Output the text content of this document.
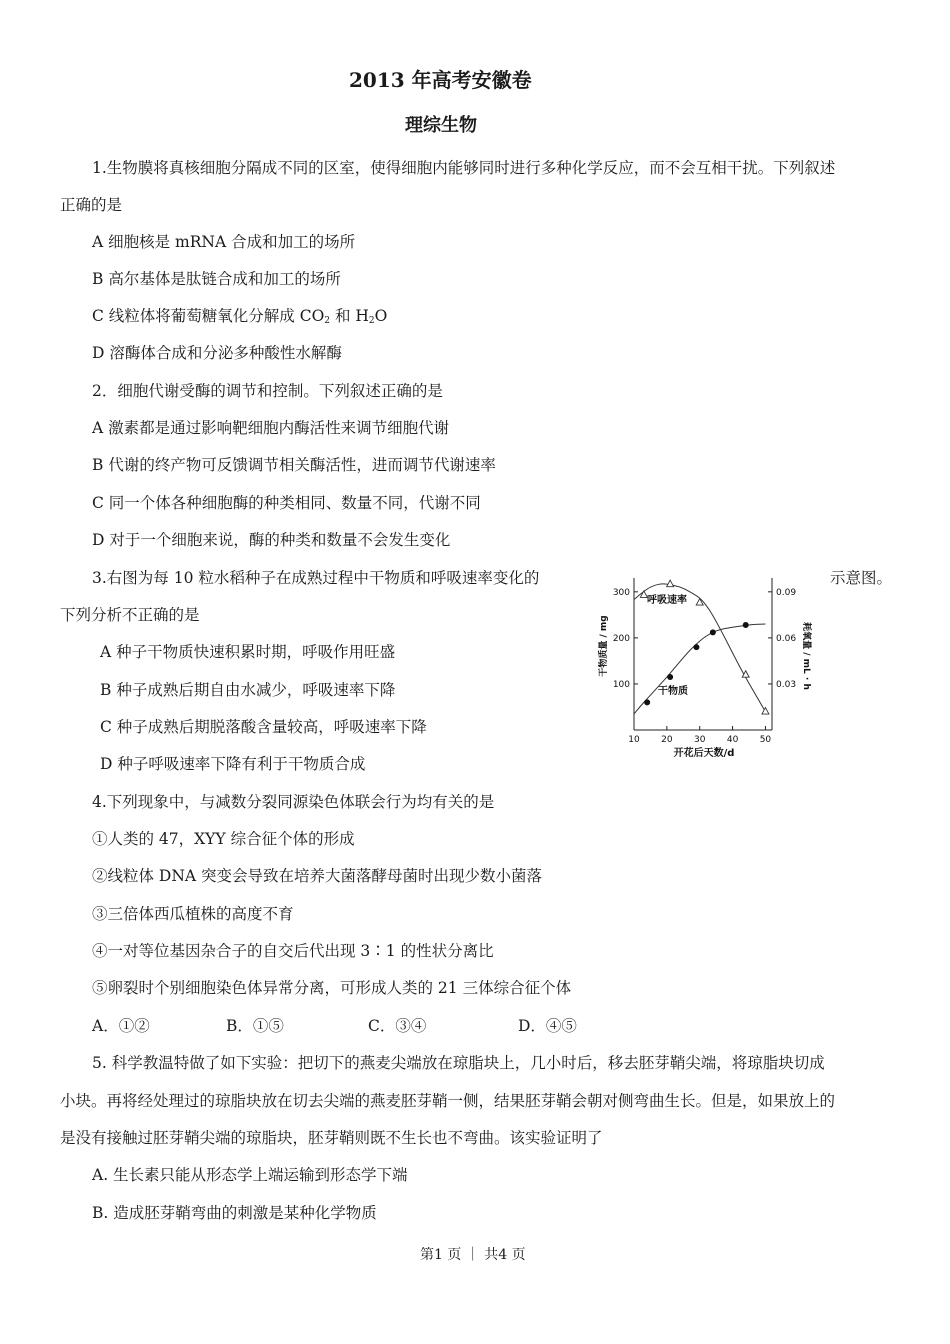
2013 年高考安徽卷
理综生物
1.生物膜将真核细胞分隔成不同的区室，使得细胞内能够同时进行多种化学反应，而不会互相干扰。下列叙述
正确的是
A 细胞核是 mRNA 合成和加工的场所
B 高尔基体是肽链合成和加工的场所
C 线粒体将葡萄糖氧化分解成 $CO_2$ 和 $H_2O$
D 溶酶体合成和分泌多种酸性水解酶
2．细胞代谢受酶的调节和控制。下列叙述正确的是
A 激素都是通过影响靶细胞内酶活性来调节细胞代谢
B 代谢的终产物可反馈调节相关酶活性，进而调节代谢速率
C 同一个体各种细胞酶的种类相同、数量不同，代谢不同
D 对于一个细胞来说，酶的种类和数量不会发生变化
3.右图为每 10 粒水稻种子在成熟过程中干物质和呼吸速率变化的	示意图。
下列分析不正确的是
A 种子干物质快速积累时期，呼吸作用旺盛
B 种子成熟后期自由水减少，呼吸速率下降
C 种子成熟后期脱落酸含量较高，呼吸速率下降
D 种子呼吸速率下降有利于干物质合成
10 20 30 40 50
100
200
300
0.03
0.06
0.09
呼吸速率
干物质
开花后天数/d
干物质量 / mg	耗氧量 / mL · h
4.下列现象中，与减数分裂同源染色体联会行为均有关的是
①人类的 47，XYY 综合征个体的形成
②线粒体 DNA 突变会导致在培养大菌落酵母菌时出现少数小菌落
③三倍体西瓜植株的高度不育
④一对等位基因杂合子的自交后代出现 3∶1 的性状分离比
⑤卵裂时个别细胞染色体异常分离，可形成人类的 21 三体综合征个体
A．①②	B．①⑤	C．③④	D．④⑤
5. 科学教温特做了如下实验：把切下的燕麦尖端放在琼脂块上，几小时后，移去胚芽鞘尖端，将琼脂块切成
小块。再将经处理过的琼脂块放在切去尖端的燕麦胚芽鞘一侧，结果胚芽鞘会朝对侧弯曲生长。但是，如果放上的
是没有接触过胚芽鞘尖端的琼脂块，胚芽鞘则既不生长也不弯曲。该实验证明了
A. 生长素只能从形态学上端运输到形态学下端
B. 造成胚芽鞘弯曲的刺激是某种化学物质
第1 页 ｜ 共4 页
